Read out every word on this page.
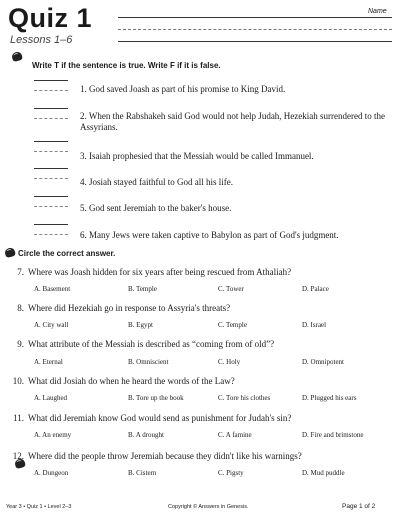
Quiz 1
Lessons 1–6
Name
Write T if the sentence is true. Write F if it is false.
1. God saved Joash as part of his promise to King David.
2. When the Rabshakeh said God would not help Judah, Hezekiah surrendered to the Assyrians.
3. Isaiah prophesied that the Messiah would be called Immanuel.
4. Josiah stayed faithful to God all his life.
5. God sent Jeremiah to the baker's house.
6. Many Jews were taken captive to Babylon as part of God's judgment.
Circle the correct answer.
7. Where was Joash hidden for six years after being rescued from Athaliah?
A. Basement	B. Temple	C. Tower	D. Palace
8. Where did Hezekiah go in response to Assyria's threats?
A. City wall	B. Egypt	C. Temple	D. Israel
9. What attribute of the Messiah is described as “coming from of old”?
A. Eternal	B. Omniscient	C. Holy	D. Omnipotent
10. What did Josiah do when he heard the words of the Law?
A. Laughed	B. Tore up the book	C. Tore his clothes	D. Plugged his ears
11. What did Jeremiah know God would send as punishment for Judah's sin?
A. An enemy	B. A drought	C. A famine	D. Fire and brimstone
12. Where did the people throw Jeremiah because they didn't like his warnings?
A. Dungeon	B. Cistern	C. Pigsty	D. Mud puddle
Year 3 • Quiz 1 • Level 2–3	Copyright © Answers in Genesis.	Page 1 of 2
